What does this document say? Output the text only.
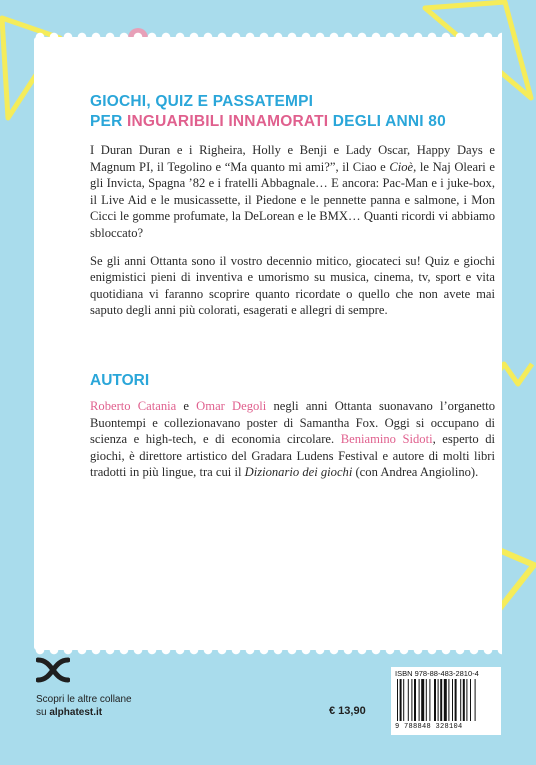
GIOCHI, QUIZ E PASSATEMPI
PER INGUARIBILI INNAMORATI DEGLI ANNI 80

I Duran Duran e i Righeira, Holly e Benji e Lady Oscar, Happy Days e Magnum PI, il Tegolino e “Ma quanto mi ami?”, il Ciao e Cioè, le Naj Oleari e gli Invicta, Spagna ’82 e i fratelli Abbagnale… E ancora: Pac-Man e i juke-box, il Live Aid e le musicassette, il Piedone e le pennette panna e salmone, i Mon Cicci le gomme profumate, la DeLorean e le BMX… Quanti ricordi vi abbiamo sbloccato?

Se gli anni Ottanta sono il vostro decennio mitico, giocateci su! Quiz e giochi enigmistici pieni di inventiva e umorismo su musica, cinema, tv, sport e vita quotidiana vi faranno scoprire quanto ricordate o quello che non avete mai saputo degli anni più colorati, esagerati e allegri di sempre.

AUTORI

Roberto Catania e Omar Degoli negli anni Ottanta suonavano l’organetto Buontempi e collezionavano poster di Samantha Fox. Oggi si occupano di scienza e high-tech, e di economia circolare. Beniamino Sidoti, esperto di giochi, è direttore artistico del Gradara Ludens Festival e autore di molti libri tradotti in più lingue, tra cui il Dizionario dei giochi (con Andrea Angiolino).

Scopri le altre collane
su alphatest.it	€ 13,90
ISBN 978-88-483-2810-4
9 788848 328104
